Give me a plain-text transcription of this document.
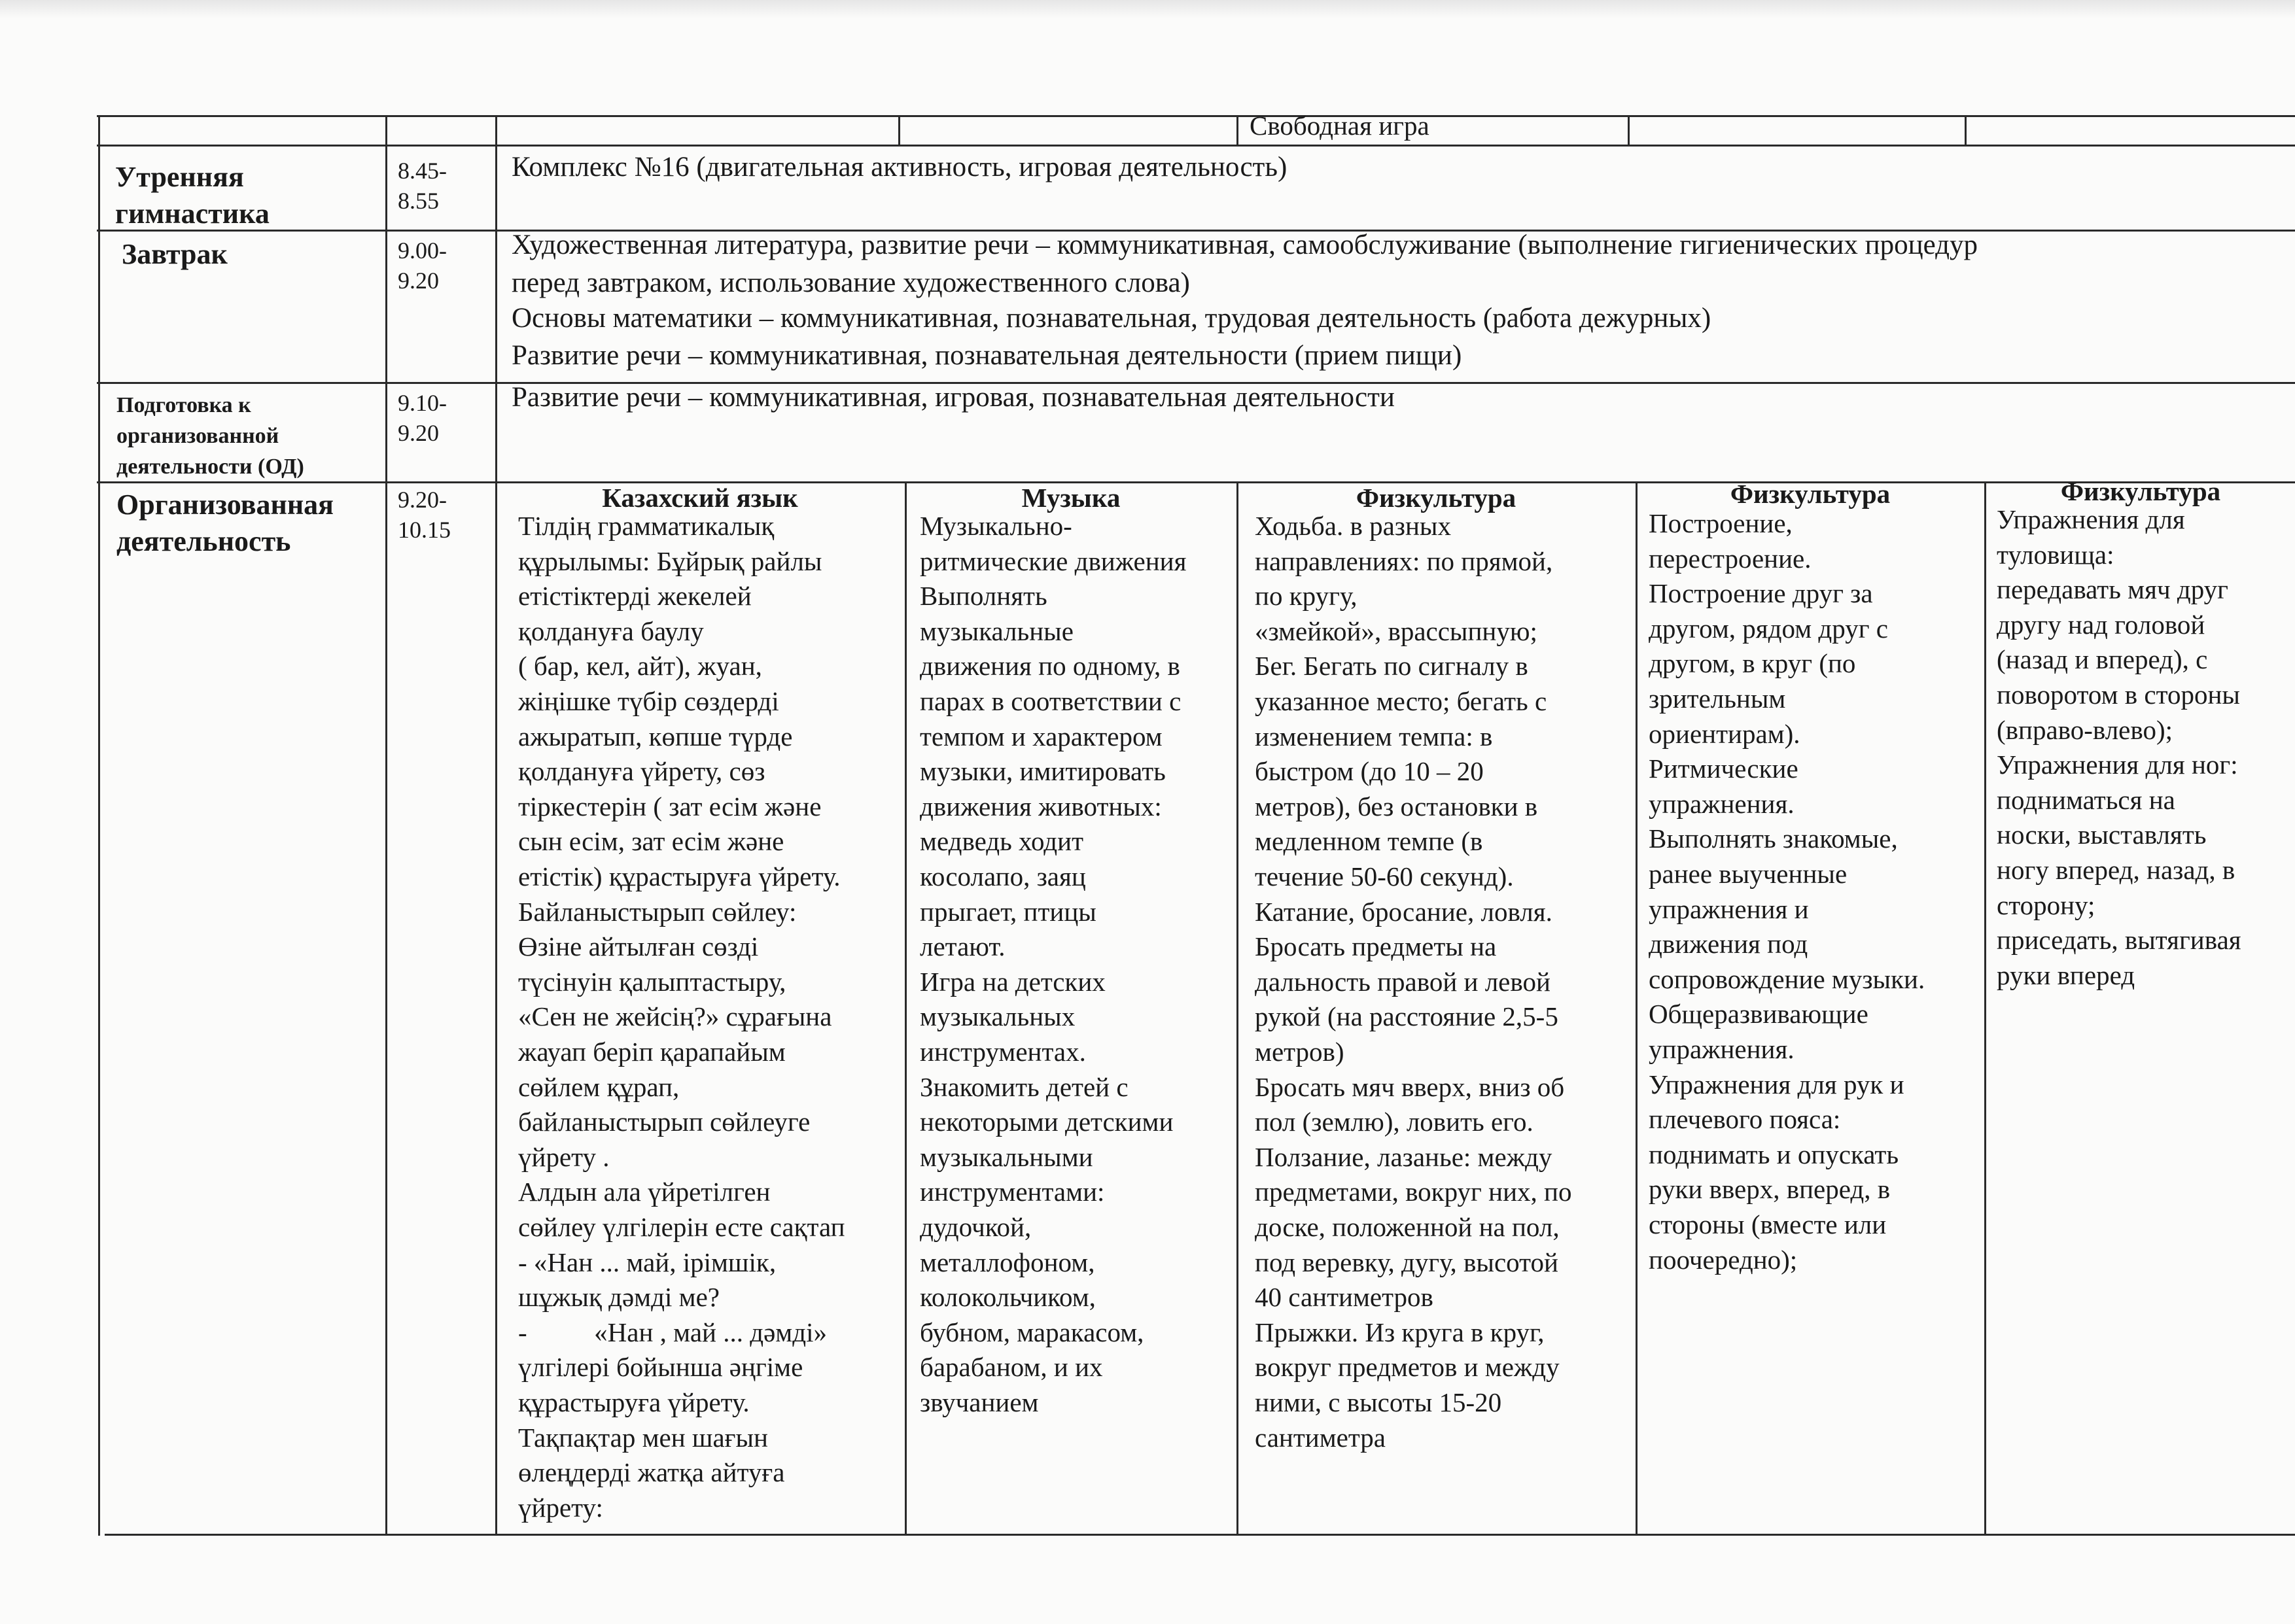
Свободная игра
Утренняя гимнастика
8.45-
8.55
Комплекс №16 (двигательная активность, игровая деятельность)
Завтрак	9.00-
9.20
Художественная литература, развитие речи – коммуникативная, самообслуживание (выполнение гигиенических процедур
перед завтраком, использование художественного слова)
Основы математики – коммуникативная, познавательная, трудовая деятельность (работа дежурных)
Развитие речи – коммуникативная, познавательная деятельности (прием пищи)
Подготовка к организованной деятельности (ОД)
9.10-
9.20
Развитие речи – коммуникативная, игровая, познавательная деятельности
Организованная деятельность
9.20-
10.15
Казахский язык
Тілдің грамматикалық
құрылымы: Бұйрық райлы
етістіктерді жекелей
қолдануға баулу
( бар, кел, айт), жуан,
жіңішке түбір сөздерді
ажыратып, көпше түрде
қолдануға үйрету, сөз
тіркестерін ( зат есім және
сын есім, зат есім және
етістік) құрастыруға үйрету.
Байланыстырып сөйлеу:
Өзіне айтылған сөзді
түсінуін қалыптастыру,
«Сен не жейсің?» сұрағына
жауап беріп қарапайым
сөйлем құрап,
байланыстырып сөйлеуге
үйрету .
Алдын ала үйретілген
сөйлеу үлгілерін есте сақтап
- «Нан ... май, ірімшік,
шұжық дәмді ме?
-          «Нан , май ... дәмді»
үлгілері бойынша әңгіме
құрастыруға үйрету.
Тақпақтар мен шағын
өлеңдерді жатқа айтуға
үйрету:
Музыка
Музыкально-
ритмические движения
Выполнять
музыкальные
движения по одному, в
парах в соответствии с
темпом и характером
музыки, имитировать
движения животных:
медведь ходит
косолапо, заяц
прыгает, птицы
летают.
Игра на детских
музыкальных
инструментах.
Знакомить детей с
некоторыми детскими
музыкальными
инструментами:
дудочкой,
металлофоном,
колокольчиком,
бубном, маракасом,
барабаном, и их
звучанием
Физкультура
Ходьба. в разных
направлениях: по прямой,
по кругу,
«змейкой», врассыпную;
Бег. Бегать по сигналу в
указанное место; бегать с
изменением темпа: в
быстром (до 10 – 20
метров), без остановки в
медленном темпе (в
течение 50-60 секунд).
Катание, бросание, ловля.
Бросать предметы на
дальность правой и левой
рукой (на расстояние 2,5-5
метров)
Бросать мяч вверх, вниз об
пол (землю), ловить его.
Ползание, лазанье: между
предметами, вокруг них, по
доске, положенной на пол,
под веревку, дугу, высотой
40 сантиметров
Прыжки. Из круга в круг,
вокруг предметов и между
ними, с высоты 15-20
сантиметра
Физкультура
Построение,
перестроение.
Построение друг за
другом, рядом друг с
другом, в круг (по
зрительным
ориентирам).
Ритмические
упражнения.
Выполнять знакомые,
ранее выученные
упражнения и
движения под
сопровождение музыки.
Общеразвивающие
упражнения.
Упражнения для рук и
плечевого пояса:
поднимать и опускать
руки вверх, вперед, в
стороны (вместе или
поочередно);
Физкультура
Упражнения для
туловища:
передавать мяч друг
другу над головой
(назад и вперед), с
поворотом в стороны
(вправо-влево);
Упражнения для ног:
подниматься на
носки, выставлять
ногу вперед, назад, в
сторону;
приседать, вытягивая
руки вперед
